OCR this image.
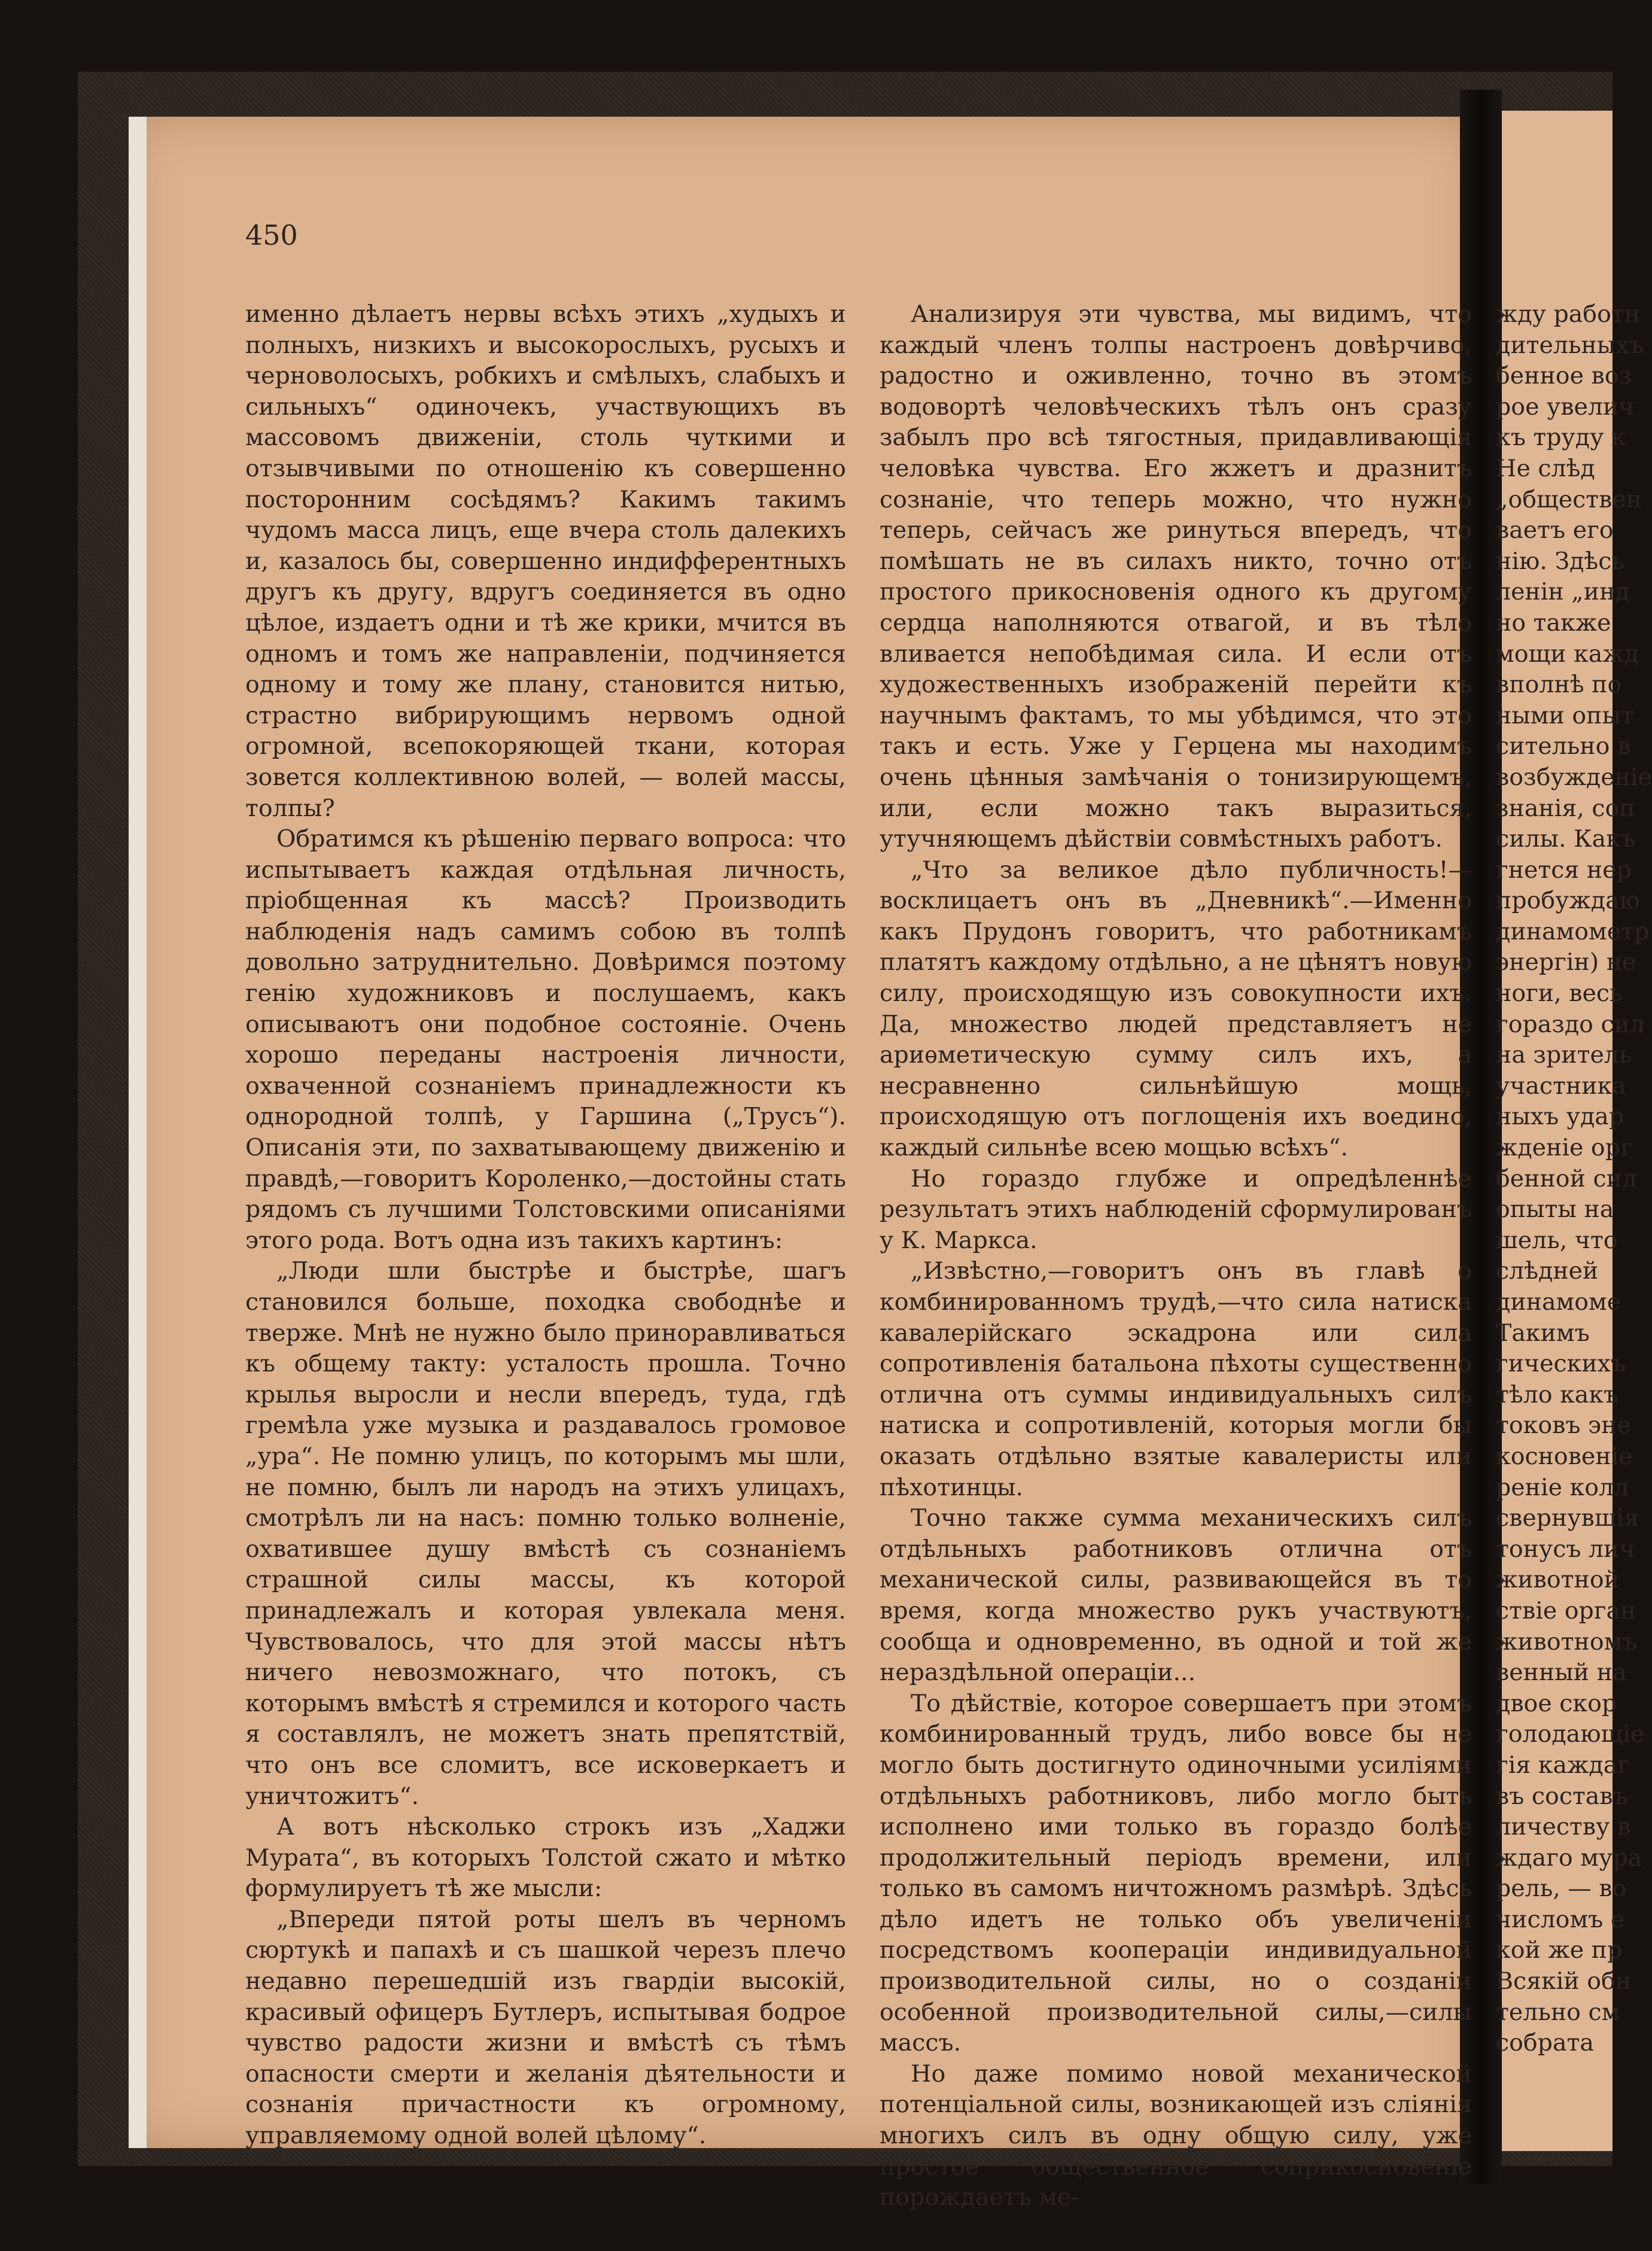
450

именно дѣлаетъ нервы всѣхъ этихъ „худыхъ и полныхъ, низкихъ и высокорослыхъ, русыхъ и черноволосыхъ, робкихъ и смѣлыхъ, слабыхъ и сильныхъ“ одиночекъ, участвующихъ въ массовомъ движеніи, столь чуткими и отзывчивыми по отношенію къ совершенно посторонним сосѣдямъ? Какимъ такимъ чудомъ масса лицъ, еще вчера столь далекихъ и, казалось бы, совершенно индифферентныхъ другъ къ другу, вдругъ соединяется въ одно цѣлое, издаетъ одни и тѣ же крики, мчится въ одномъ и томъ же направленіи, подчиняется одному и тому же плану, становится нитью, страстно вибрирующимъ нервомъ одной огромной, всепокоряющей ткани, которая зовется коллективною волей, — волей массы, толпы?

Обратимся къ рѣшенію перваго вопроса: что испытываетъ каждая отдѣльная личность, пріобщенная къ массѣ? Производить наблюденія надъ самимъ собою въ толпѣ довольно затруднительно. Довѣримся поэтому генію художниковъ и послушаемъ, какъ описываютъ они подобное состояніе. Очень хорошо переданы настроенія личности, охваченной сознаніемъ принадлежности къ однородной толпѣ, у Гаршина („Трусъ“). Описанія эти, по захватывающему движенію и правдѣ,—говоритъ Короленко,—достойны стать рядомъ съ лучшими Толстовскими описаніями этого рода. Вотъ одна изъ такихъ картинъ:

„Люди шли быстрѣе и быстрѣе, шагъ становился больше, походка свободнѣе и тверже. Мнѣ не нужно было приноравливаться къ общему такту: усталость прошла. Точно крылья выросли и несли впередъ, туда, гдѣ гремѣла уже музыка и раздавалось громовое „ура“. Не помню улицъ, по которымъ мы шли, не помню, былъ ли народъ на этихъ улицахъ, смотрѣлъ ли на насъ: помню только волненіе, охватившее душу вмѣстѣ съ сознаніемъ страшной силы массы, къ которой принадлежалъ и которая увлекала меня. Чувствовалось, что для этой массы нѣтъ ничего невозможнаго, что потокъ, съ которымъ вмѣстѣ я стремился и которого часть я составлялъ, не можетъ знать препятствій, что онъ все сломитъ, все исковеркаетъ и уничтожитъ“.

А вотъ нѣсколько строкъ изъ „Хаджи Мурата“, въ которыхъ Толстой сжато и мѣтко формулируетъ тѣ же мысли:

„Впереди пятой роты шелъ въ черномъ сюртукѣ и папахѣ и съ шашкой черезъ плечо недавно перешедшій изъ гвардіи высокій, красивый офицеръ Бутлеръ, испытывая бодрое чувство радости жизни и вмѣстѣ съ тѣмъ опасности смерти и желанія дѣятельности и сознанія причастности къ огромному, управляемому одной волей цѣлому“.

Анализируя эти чувства, мы видимъ, что каждый членъ толпы настроенъ довѣрчиво, радостно и оживленно, точно въ этомъ водовортѣ человѣческихъ тѣлъ онъ сразу забылъ про всѣ тягостныя, придавливающія человѣка чувства. Его жжетъ и дразнитъ сознаніе, что теперь можно, что нужно теперь, сейчасъ же ринуться впередъ, что помѣшать не въ силахъ никто, точно отъ простого прикосновенія одного къ другому сердца наполняются отвагой, и въ тѣло вливается непобѣдимая сила. И если отъ художественныхъ изображеній перейти къ научнымъ фактамъ, то мы убѣдимся, что это такъ и есть. Уже у Герцена мы находимъ очень цѣнныя замѣчанія о тонизирующемъ, или, если можно такъ выразиться, утучняющемъ дѣйствіи совмѣстныхъ работъ.

„Что за великое дѣло публичность!—восклицаетъ онъ въ „Дневникѣ“.—Именно какъ Прудонъ говоритъ, что работникамъ платятъ каждому отдѣльно, а не цѣнятъ новую силу, происходящую изъ совокупности ихъ. Да, множество людей представляетъ не ариѳметическую сумму силъ ихъ, а несравненно сильнѣйшую мощь, происходящую отъ поглощенія ихъ воедино, каждый сильнѣе всею мощью всѣхъ“.

Но гораздо глубже и опредѣленнѣе результатъ этихъ наблюденій сформулированъ у К. Маркса.

„Извѣстно,—говоритъ онъ въ главѣ о комбинированномъ трудѣ,—что сила натиска кавалерійскаго эскадрона или сила сопротивленія батальона пѣхоты существенно отлична отъ суммы индивидуальныхъ силъ натиска и сопротивленій, которыя могли бы оказать отдѣльно взятые кавалеристы или пѣхотинцы.

Точно также сумма механическихъ силъ отдѣльныхъ работниковъ отлична отъ механической силы, развивающейся въ то время, когда множество рукъ участвуютъ, сообща и одновременно, въ одной и той же нераздѣльной операціи...

То дѣйствіе, которое совершаетъ при этомъ комбинированный трудъ, либо вовсе бы не могло быть достигнуто одиночными усиліями отдѣльныхъ работниковъ, либо могло быть исполнено ими только въ гораздо болѣе продолжительный періодъ времени, или только въ самомъ ничтожномъ размѣрѣ. Здѣсь дѣло идетъ не только объ увеличеніи посредствомъ коопераціи индивидуальной производительной силы, но о созданіи особенной производительной силы,—силы массъ.

Но даже помимо новой механической потенціальной силы, возникающей изъ сліянія многихъ силъ въ одну общую силу, уже простое общественное соприкосновеніе порождаетъ ме-

жду работн
дительныхъ
бенное воз
рое увелич
къ труду к
Не слѣд
„обществен
ваетъ его
нію. Здѣсь
ленін „инд
но также
мощи кажд
вполнѣ по
ными опыт
сительно в
возбужденіе
знанія, соп
силы. Какъ
гнется нер
пробуждаю
динамометр
энергін) не
ноги, весь
гораздо сил
на зритель
участника
ныхъ удар
жденіе орг
бенной сил
опыты на
шель, что
слѣдней
динамоме
Такимъ
гическихъ
тѣло какъ
токовъ эне
косновеніе
реніе колл
свернувшія
тонусъ лич
животной
ствіе орган
животномъ
венный на
двое скор
голодающіе
гія каждаг
въ составъ
личеству в
ждаго мура
рель, — во
числомъ е
кой же пр
Всякій обн
тельно см
собрата
